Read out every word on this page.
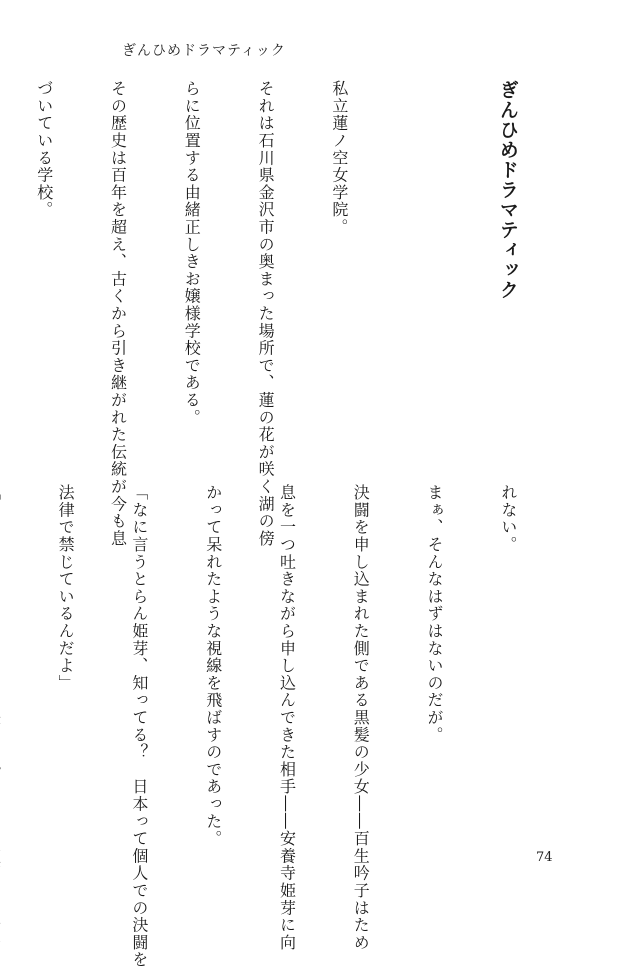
ぎんひめドラマティック

ぎんひめドラマティック

私立蓮ノ空女学院。

それは石川県金沢市の奥まった場所で、蓮の花が咲く湖の傍

らに位置する由緒正しきお嬢様学校である。

その歴史は百年を超え、古くから引き継がれた伝統が今も息

づいている学校。

れない。

まぁ、そんなはずはないのだが。

決闘を申し込まれた側である黒髪の少女――百生吟子はため

息を一つ吐きながら申し込んできた相手――安養寺姫芽に向

かって呆れたような視線を飛ばすのであった。

「なに言うとらん姫芽、知ってる？　日本って個人での決闘を

法律で禁じているんだよ」

74
